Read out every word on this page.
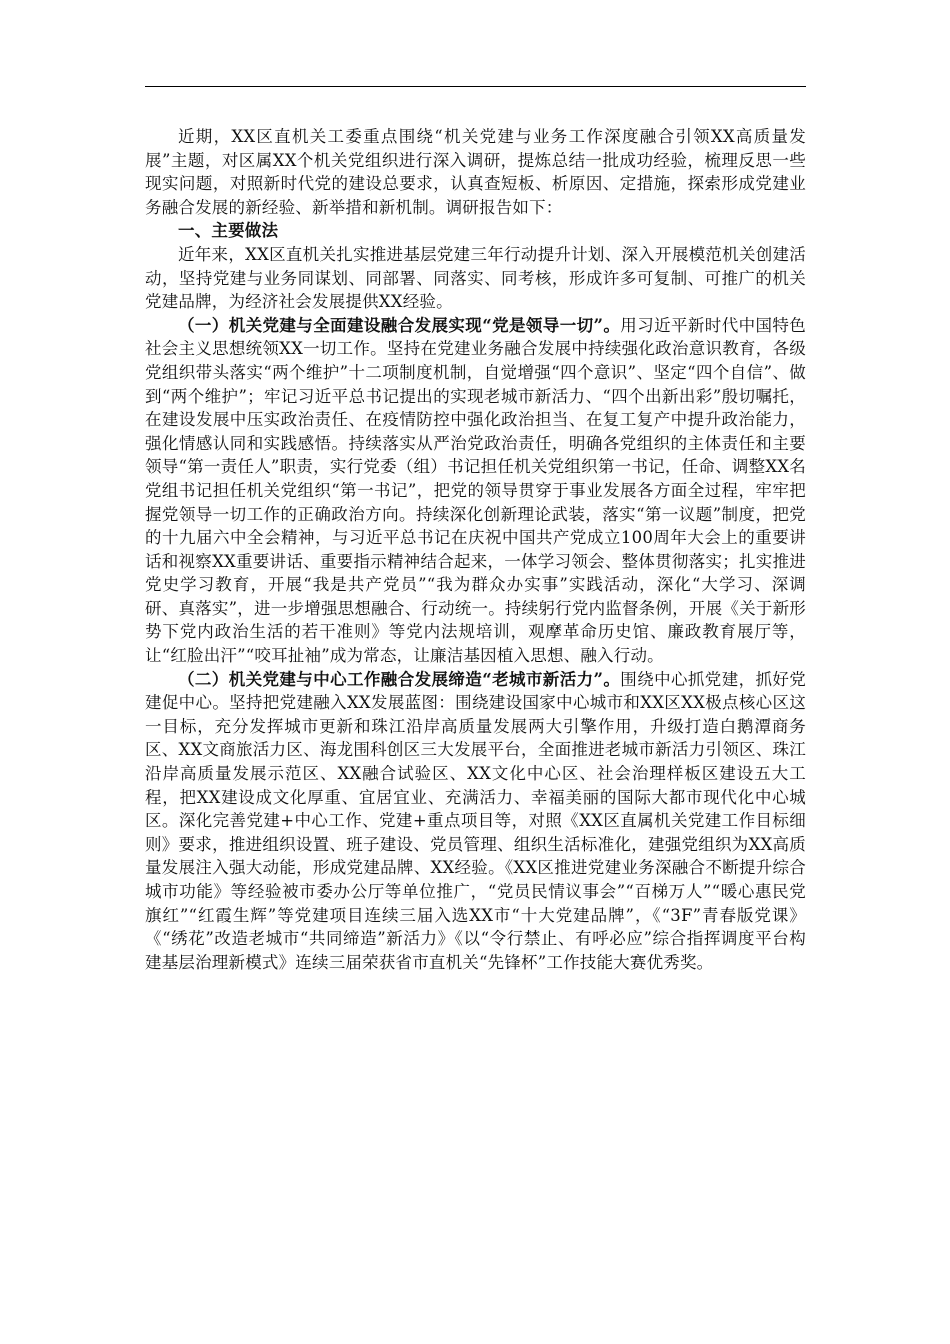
近期，XX区直机关工委重点围绕“机关党建与业务工作深度融合引领XX高质量发展”主题，对区属XX个机关党组织进行深入调研，提炼总结一批成功经验，梳理反思一些现实问题，对照新时代党的建设总要求，认真查短板、析原因、定措施，探索形成党建业务融合发展的新经验、新举措和新机制。调研报告如下：

一、主要做法

近年来，XX区直机关扎实推进基层党建三年行动提升计划、深入开展模范机关创建活动，坚持党建与业务同谋划、同部署、同落实、同考核，形成许多可复制、可推广的机关党建品牌，为经济社会发展提供XX经验。

（一）机关党建与全面建设融合发展实现“党是领导一切”。用习近平新时代中国特色社会主义思想统领XX一切工作。坚持在党建业务融合发展中持续强化政治意识教育，各级党组织带头落实“两个维护”十二项制度机制，自觉增强“四个意识”、坚定“四个自信”、做到“两个维护”；牢记习近平总书记提出的实现老城市新活力、“四个出新出彩”殷切嘱托，在建设发展中压实政治责任、在疫情防控中强化政治担当、在复工复产中提升政治能力，强化情感认同和实践感悟。持续落实从严治党政治责任，明确各党组织的主体责任和主要领导“第一责任人”职责，实行党委（组）书记担任机关党组织第一书记，任命、调整XX名党组书记担任机关党组织“第一书记”，把党的领导贯穿于事业发展各方面全过程，牢牢把握党领导一切工作的正确政治方向。持续深化创新理论武装，落实“第一议题”制度，把党的十九届六中全会精神，与习近平总书记在庆祝中国共产党成立100周年大会上的重要讲话和视察XX重要讲话、重要指示精神结合起来，一体学习领会、整体贯彻落实；扎实推进党史学习教育，开展“我是共产党员”“我为群众办实事”实践活动，深化“大学习、深调研、真落实”，进一步增强思想融合、行动统一。持续躬行党内监督条例，开展《关于新形势下党内政治生活的若干准则》等党内法规培训，观摩革命历史馆、廉政教育展厅等，让“红脸出汗”“咬耳扯袖”成为常态，让廉洁基因植入思想、融入行动。

（二）机关党建与中心工作融合发展缔造“老城市新活力”。围绕中心抓党建，抓好党建促中心。坚持把党建融入XX发展蓝图：围绕建设国家中心城市和XX区XX极点核心区这一目标，充分发挥城市更新和珠江沿岸高质量发展两大引擎作用，升级打造白鹅潭商务区、XX文商旅活力区、海龙围科创区三大发展平台，全面推进老城市新活力引领区、珠江沿岸高质量发展示范区、XX融合试验区、XX文化中心区、社会治理样板区建设五大工程，把XX建设成文化厚重、宜居宜业、充满活力、幸福美丽的国际大都市现代化中心城区。深化完善党建+中心工作、党建+重点项目等，对照《XX区直属机关党建工作目标细则》要求，推进组织设置、班子建设、党员管理、组织生活标准化，建强党组织为XX高质量发展注入强大动能，形成党建品牌、XX经验。《XX区推进党建业务深融合不断提升综合城市功能》等经验被市委办公厅等单位推广，“党员民情议事会”“百梯万人”“暖心惠民党旗红”“红霞生辉”等党建项目连续三届入选XX市“十大党建品牌”，《“3F”青春版党课》《“绣花”改造老城市“共同缔造”新活力》《以“令行禁止、有呼必应”综合指挥调度平台构建基层治理新模式》连续三届荣获省市直机关“先锋杯”工作技能大赛优秀奖。
